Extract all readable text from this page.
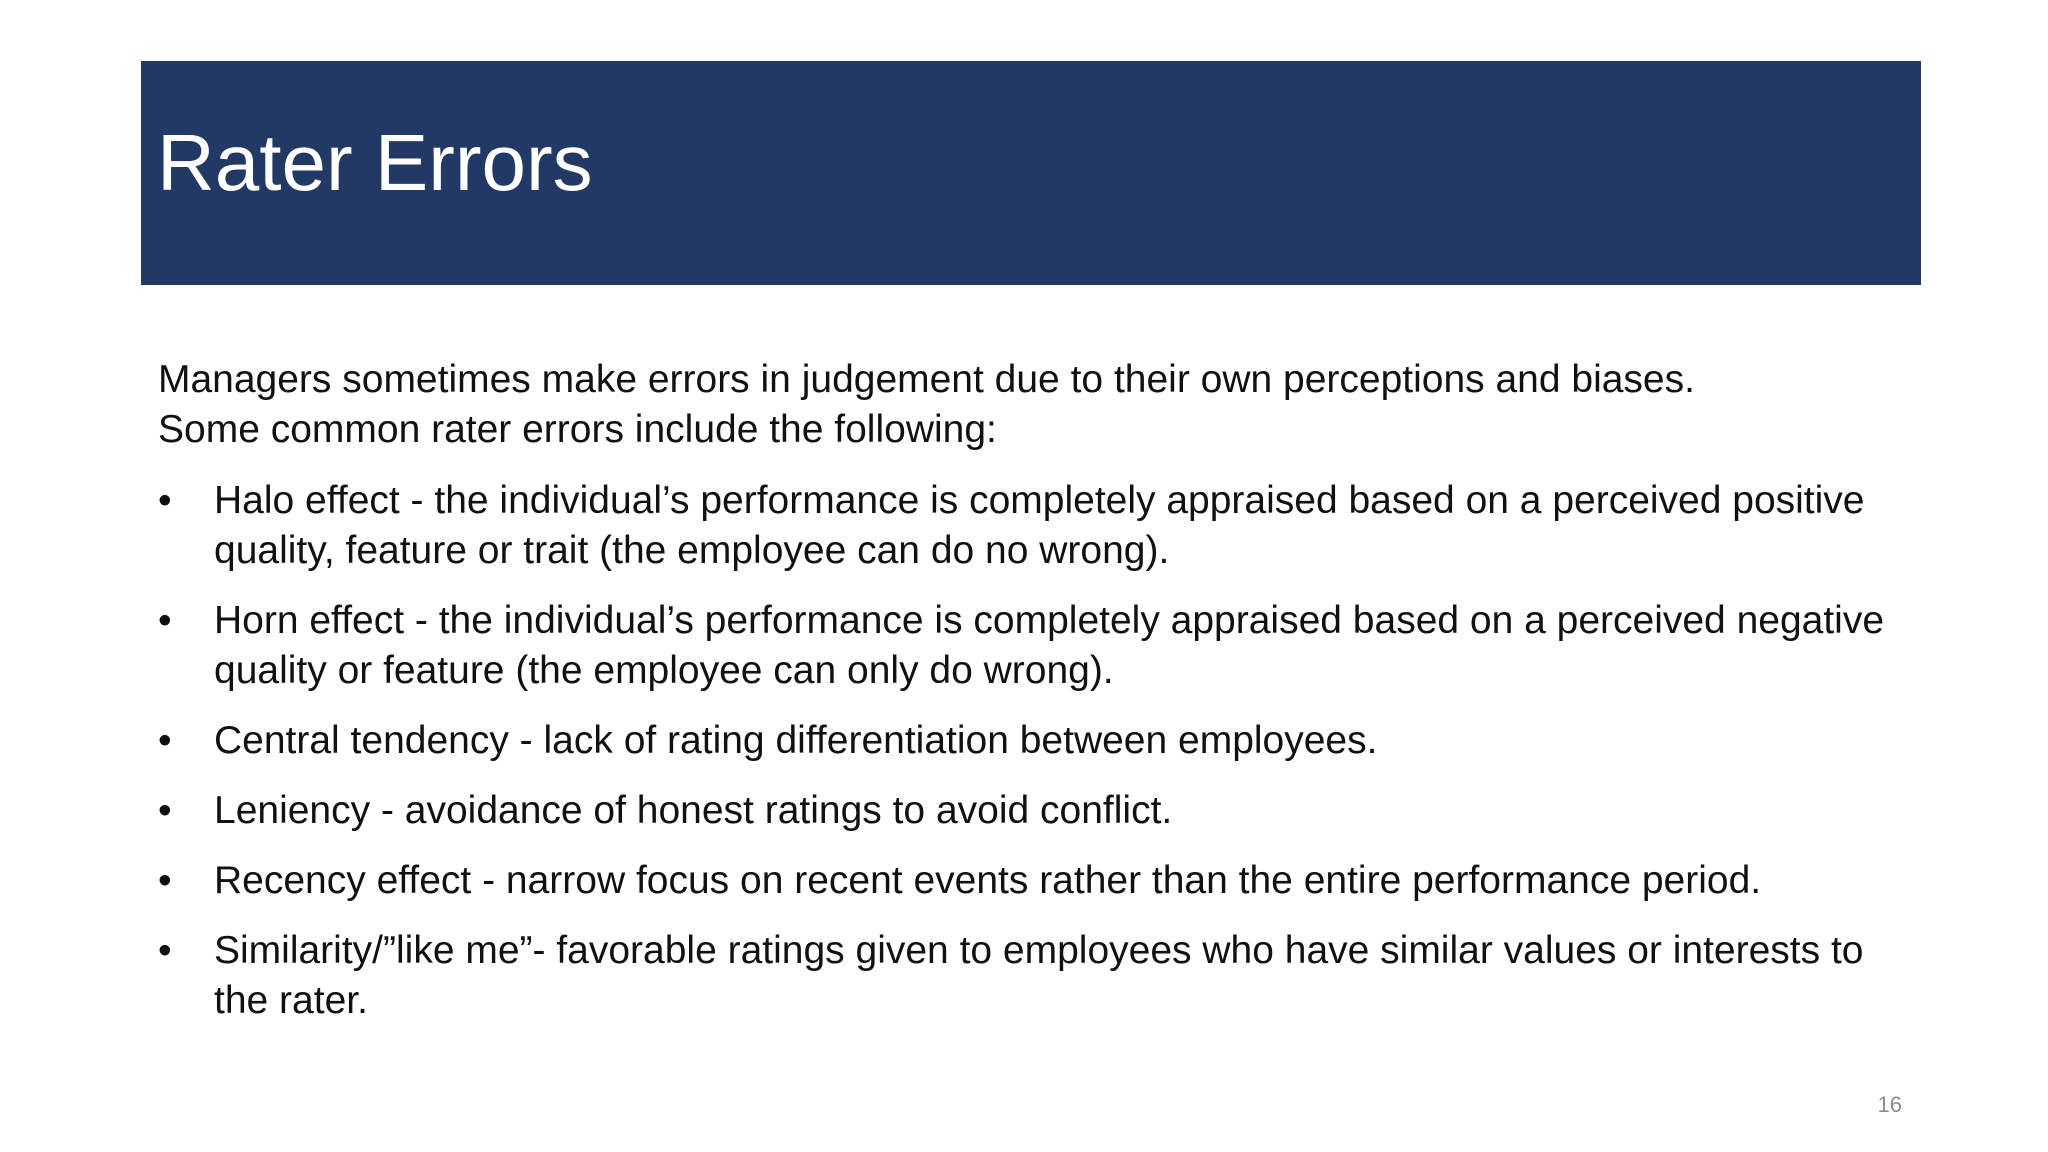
Rater Errors

Managers sometimes make errors in judgement due to their own perceptions and biases.

Some common rater errors include the following:

• Halo effect - the individual’s performance is completely appraised based on a perceived positive quality, feature or trait (the employee can do no wrong).
• Horn effect - the individual’s performance is completely appraised based on a perceived negative quality or feature (the employee can only do wrong).
• Central tendency - lack of rating differentiation between employees.
• Leniency - avoidance of honest ratings to avoid conflict.
• Recency effect - narrow focus on recent events rather than the entire performance period.
• Similarity/”like me”- favorable ratings given to employees who have similar values or interests to the rater.
16
